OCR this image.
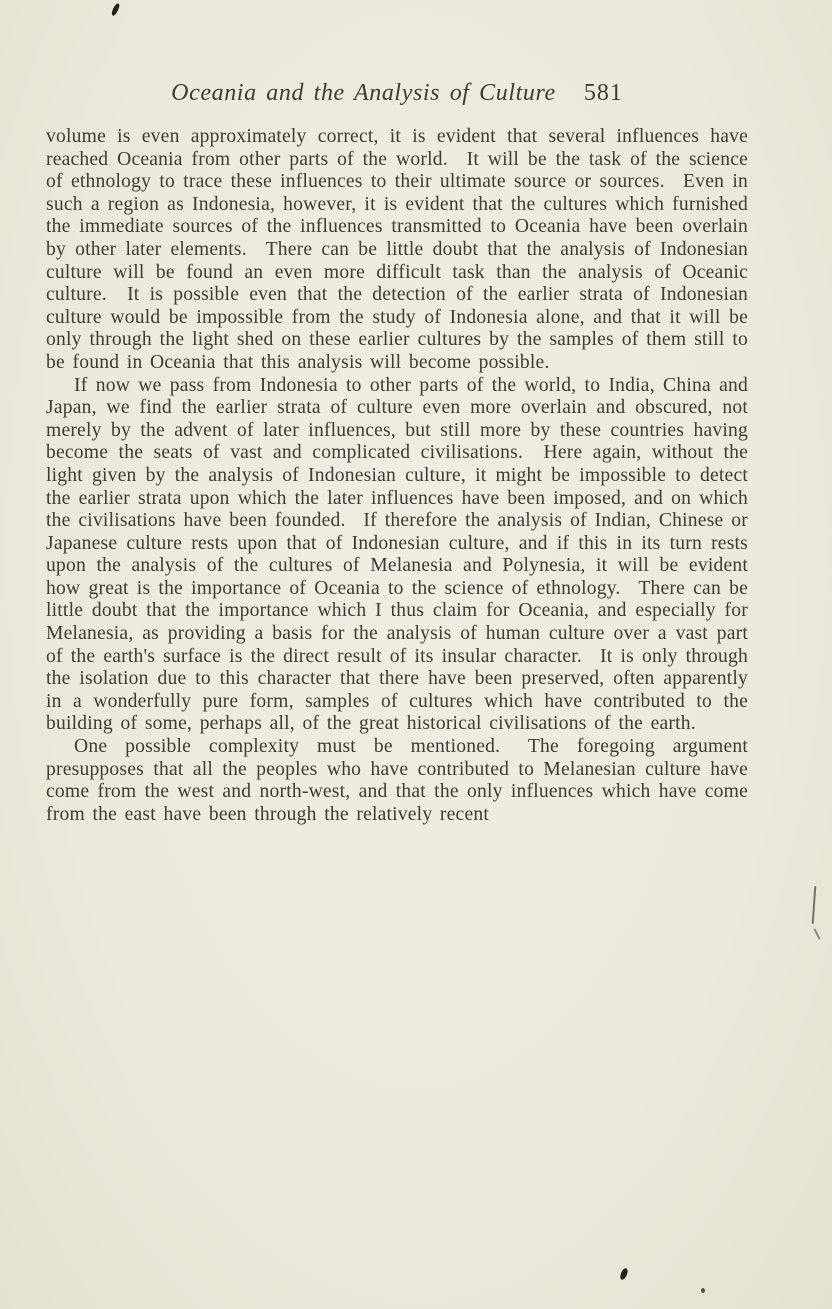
Oceania and the Analysis of Culture 581

volume is even approximately correct, it is evident that several influences have reached Oceania from other parts of the world.  It will be the task of the science of ethnology to trace these influences to their ultimate source or sources.  Even in such a region as Indonesia, however, it is evident that the cultures which furnished the immediate sources of the influences transmitted to Oceania have been overlain by other later elements.  There can be little doubt that the analysis of Indonesian culture will be found an even more difficult task than the analysis of Oceanic culture.  It is possible even that the detection of the earlier strata of Indonesian culture would be impossible from the study of Indonesia alone, and that it will be only through the light shed on these earlier cultures by the samples of them still to be found in Oceania that this analysis will become possible.

If now we pass from Indonesia to other parts of the world, to India, China and Japan, we find the earlier strata of culture even more overlain and obscured, not merely by the advent of later influences, but still more by these countries having become the seats of vast and complicated civilisations.  Here again, without the light given by the analysis of Indonesian culture, it might be impossible to detect the earlier strata upon which the later influences have been imposed, and on which the civilisations have been founded.  If therefore the analysis of Indian, Chinese or Japanese culture rests upon that of Indonesian culture, and if this in its turn rests upon the analysis of the cultures of Melanesia and Polynesia, it will be evident how great is the importance of Oceania to the science of ethnology.  There can be little doubt that the importance which I thus claim for Oceania, and especially for Melanesia, as providing a basis for the analysis of human culture over a vast part of the earth's surface is the direct result of its insular character.  It is only through the isolation due to this character that there have been preserved, often apparently in a wonderfully pure form, samples of cultures which have contributed to the building of some, perhaps all, of the great historical civilisations of the earth.

One possible complexity must be mentioned.  The foregoing argument presupposes that all the peoples who have contributed to Melanesian culture have come from the west and north-west, and that the only influences which have come from the east have been through the relatively recent
